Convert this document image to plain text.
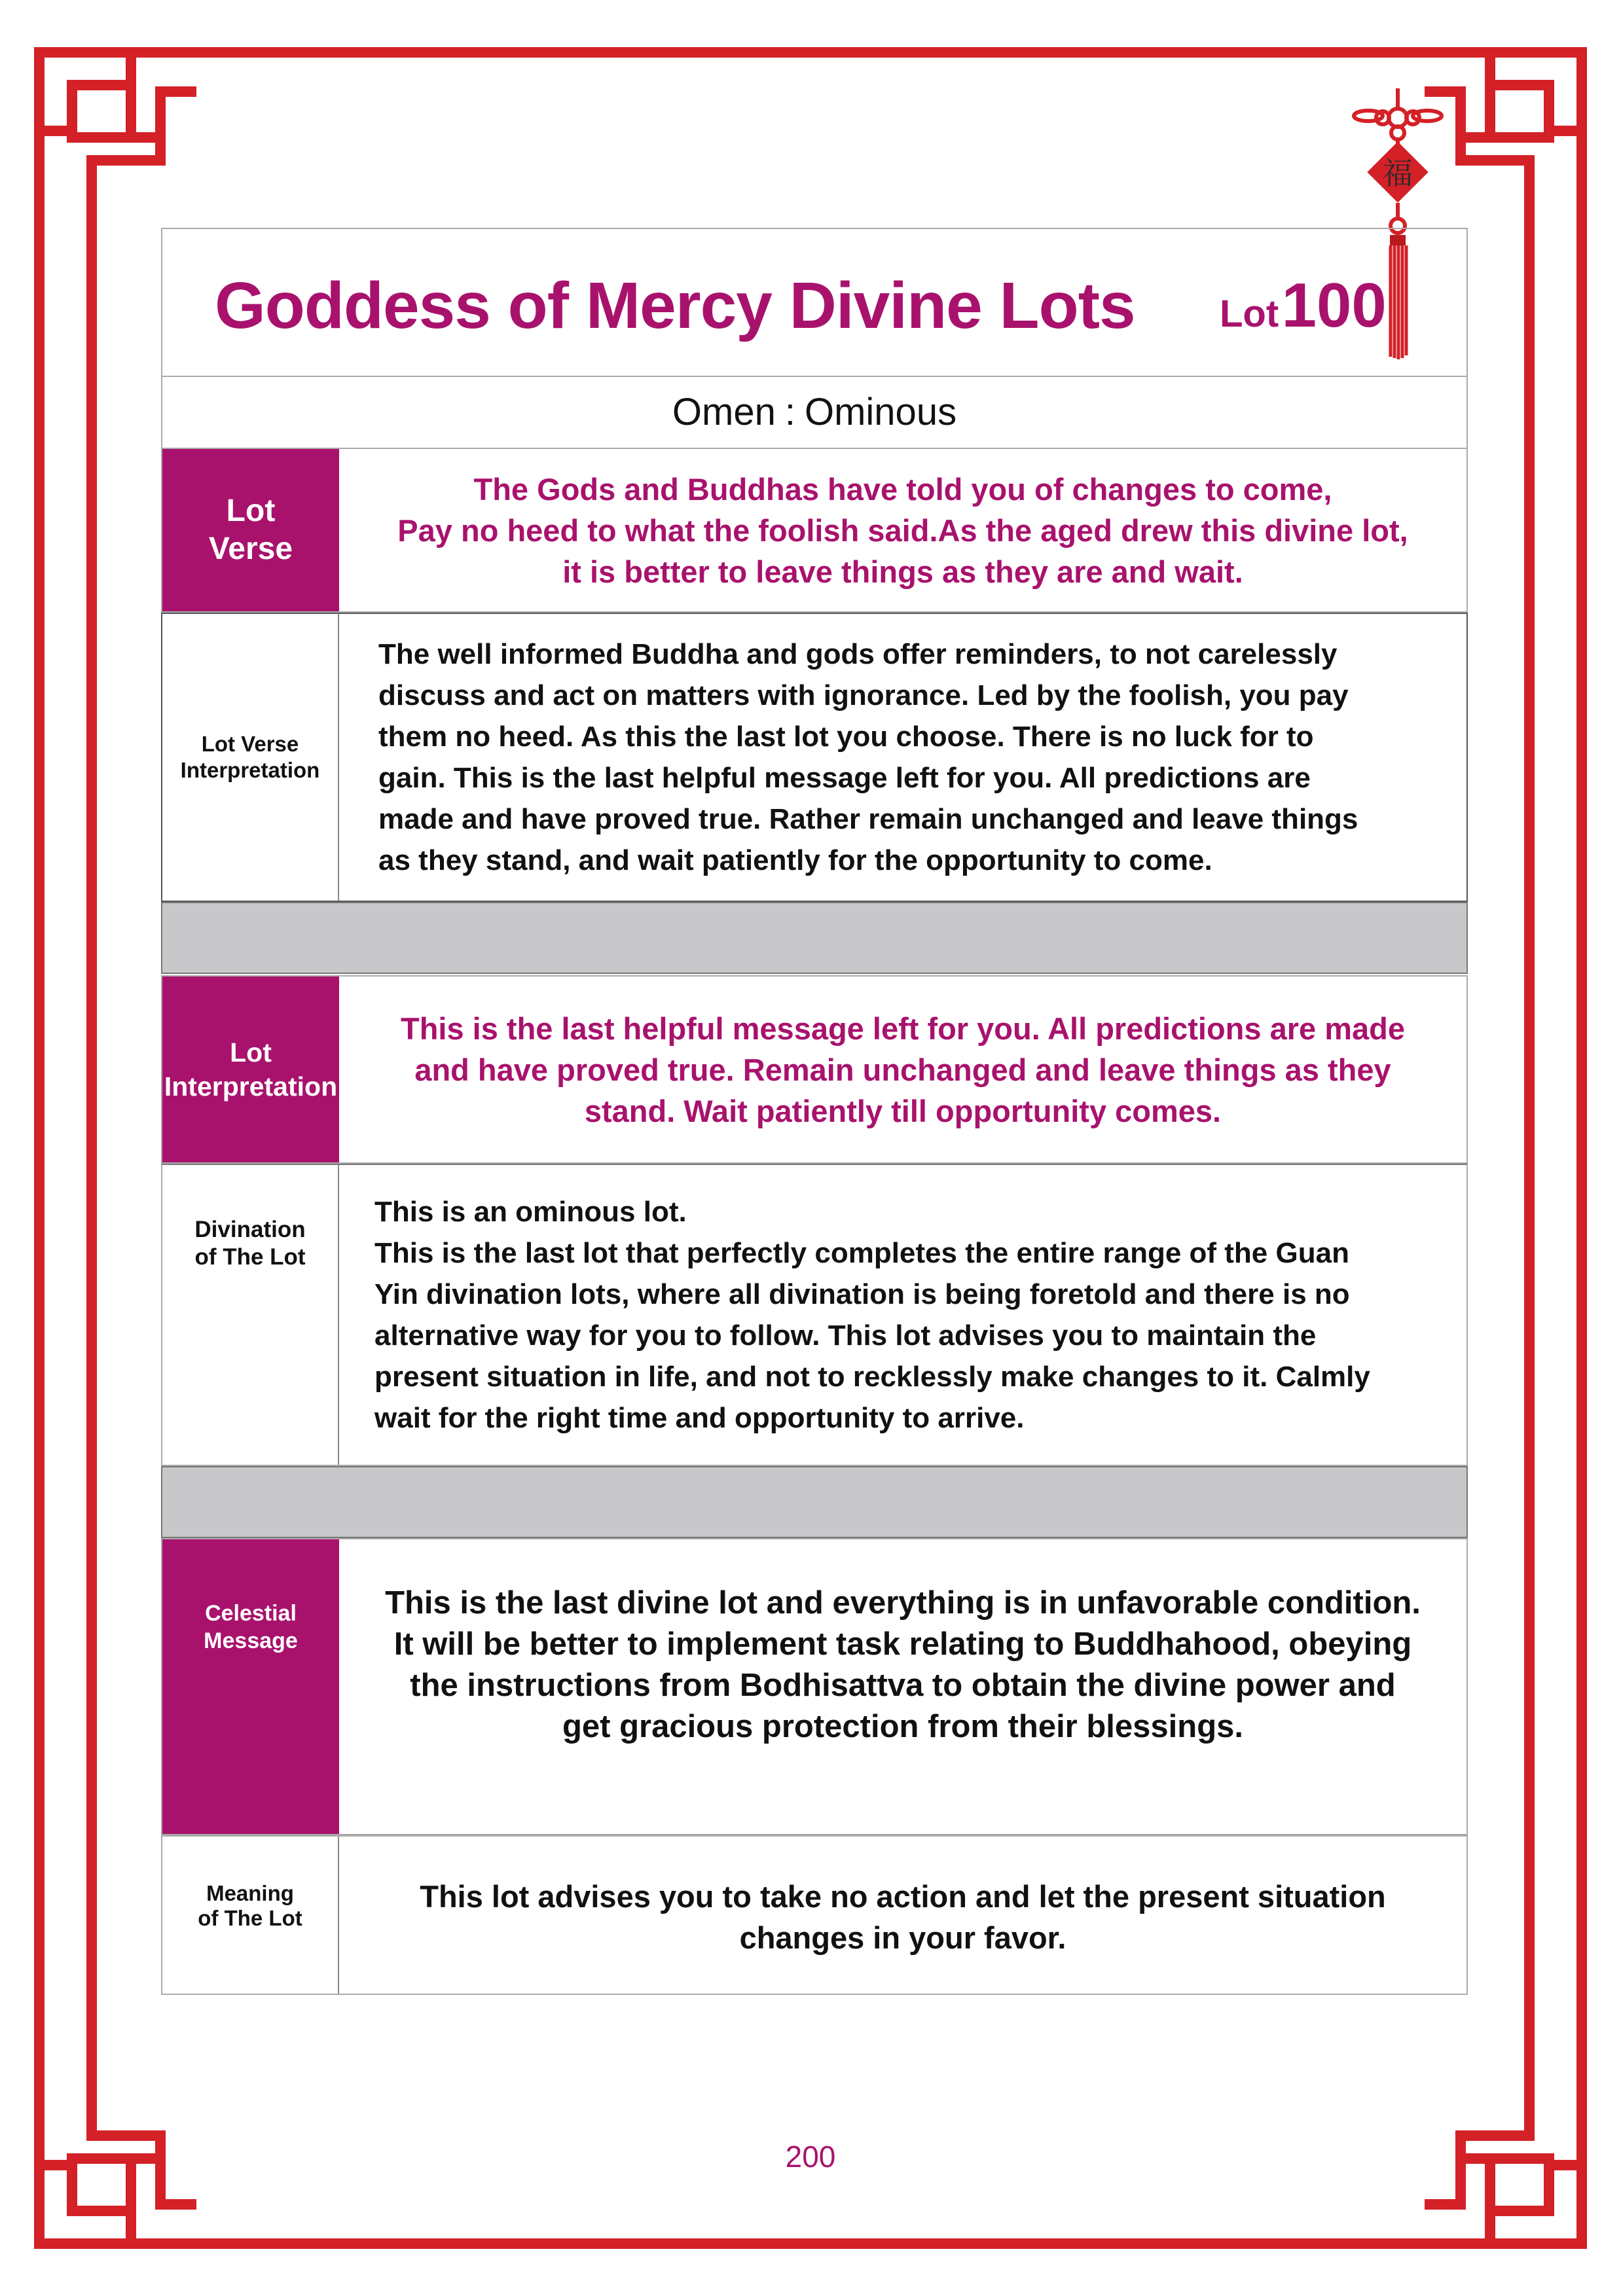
福
Goddess of Mercy Divine Lots Lot 100
Omen : Ominous
Lot
Verse

The Gods and Buddhas have told you of changes to come,
Pay no heed to what the foolish said.As the aged drew this divine lot,
it is better to leave things as they are and wait.

Lot Verse
Interpretation

The well informed Buddha and gods offer reminders, to not carelessly
discuss and act on matters with ignorance. Led by the foolish, you pay
them no heed. As this the last lot you choose. There is no luck for to
gain. This is the last helpful message left for you. All predictions are
made and have proved true. Rather remain unchanged and leave things
as they stand, and wait patiently for the opportunity to come.

Lot
Interpretation

This is the last helpful message left for you. All predictions are made
and have proved true. Remain unchanged and leave things as they
stand. Wait patiently till opportunity comes.

Divination
of The Lot

This is an ominous lot.
This is the last lot that perfectly completes the entire range of the Guan
Yin divination lots, where all divination is being foretold and there is no
alternative way for you to follow. This lot advises you to maintain the
present situation in life, and not to recklessly make changes to it. Calmly
wait for the right time and opportunity to arrive.

Celestial
Message

This is the last divine lot and everything is in unfavorable condition.
It will be better to implement task relating to Buddhahood, obeying
the instructions from Bodhisattva to obtain the divine power and
get gracious protection from their blessings.

Meaning
of The Lot

This lot advises you to take no action and let the present situation
changes in your favor.

200
